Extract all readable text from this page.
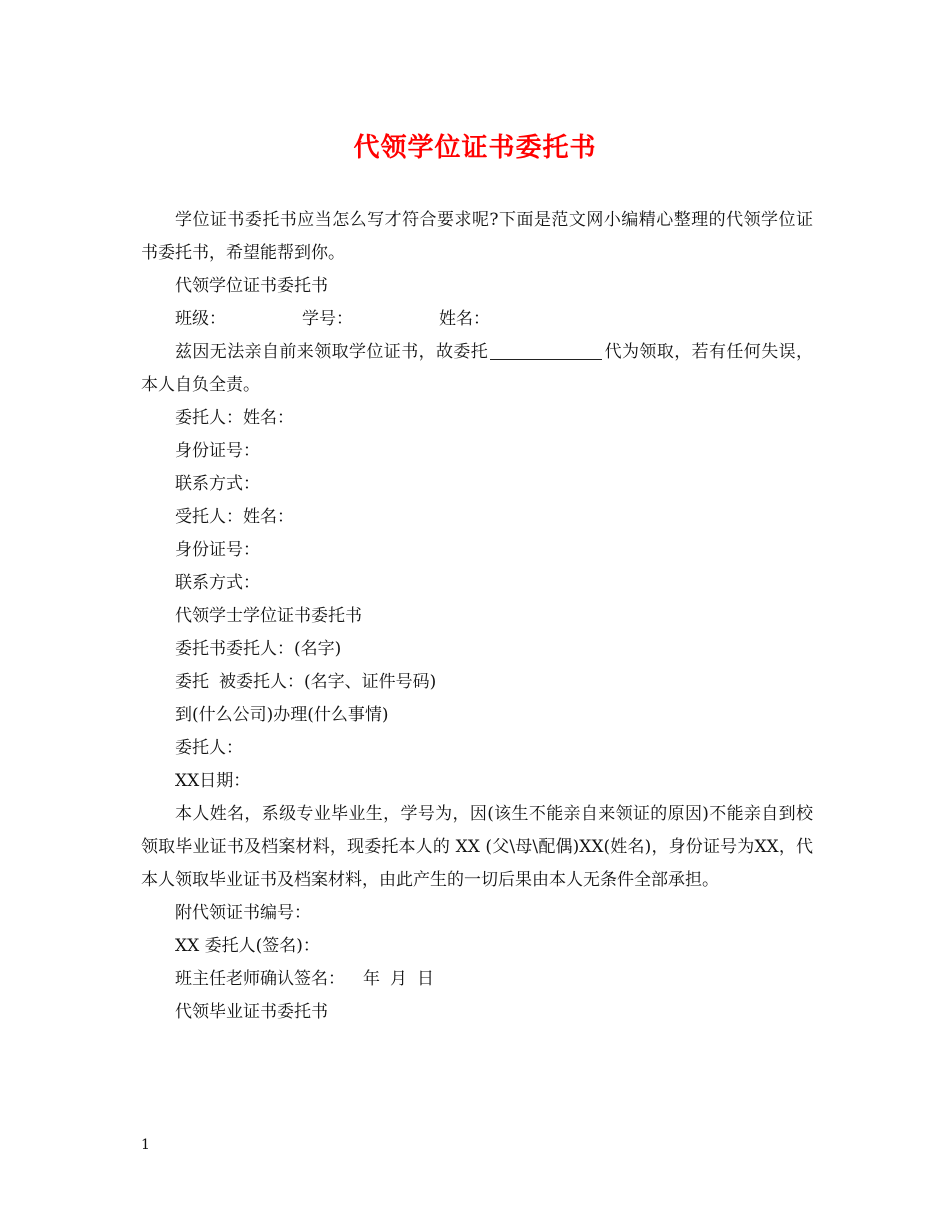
代领学位证书委托书

学位证书委托书应当怎么写才符合要求呢?下面是范文网小编精心整理的代领学位证书委托书，希望能帮到你。

代领学位证书委托书

班级：	学号：	姓名：

兹因无法亲自前来领取学位证书，故委托	代为领取，若有任何失误，本人自负全责。

委托人：姓名：

身份证号：

联系方式：

受托人：姓名：

身份证号：

联系方式：

代领学士学位证书委托书

委托书委托人：(名字)

委托 被委托人：(名字、证件号码)

到(什么公司)办理(什么事情)

委托人：

XX日期：

本人姓名，系级专业毕业生，学号为，因(该生不能亲自来领证的原因)不能亲自到校领取毕业证书及档案材料，现委托本人的 XX (父\母\配偶)XX(姓名)，身份证号为XX，代本人领取毕业证书及档案材料，由此产生的一切后果由本人无条件全部承担。

附代领证书编号：

XX 委托人(签名)：

班主任老师确认签名： 年 月 日

代领毕业证书委托书

1
